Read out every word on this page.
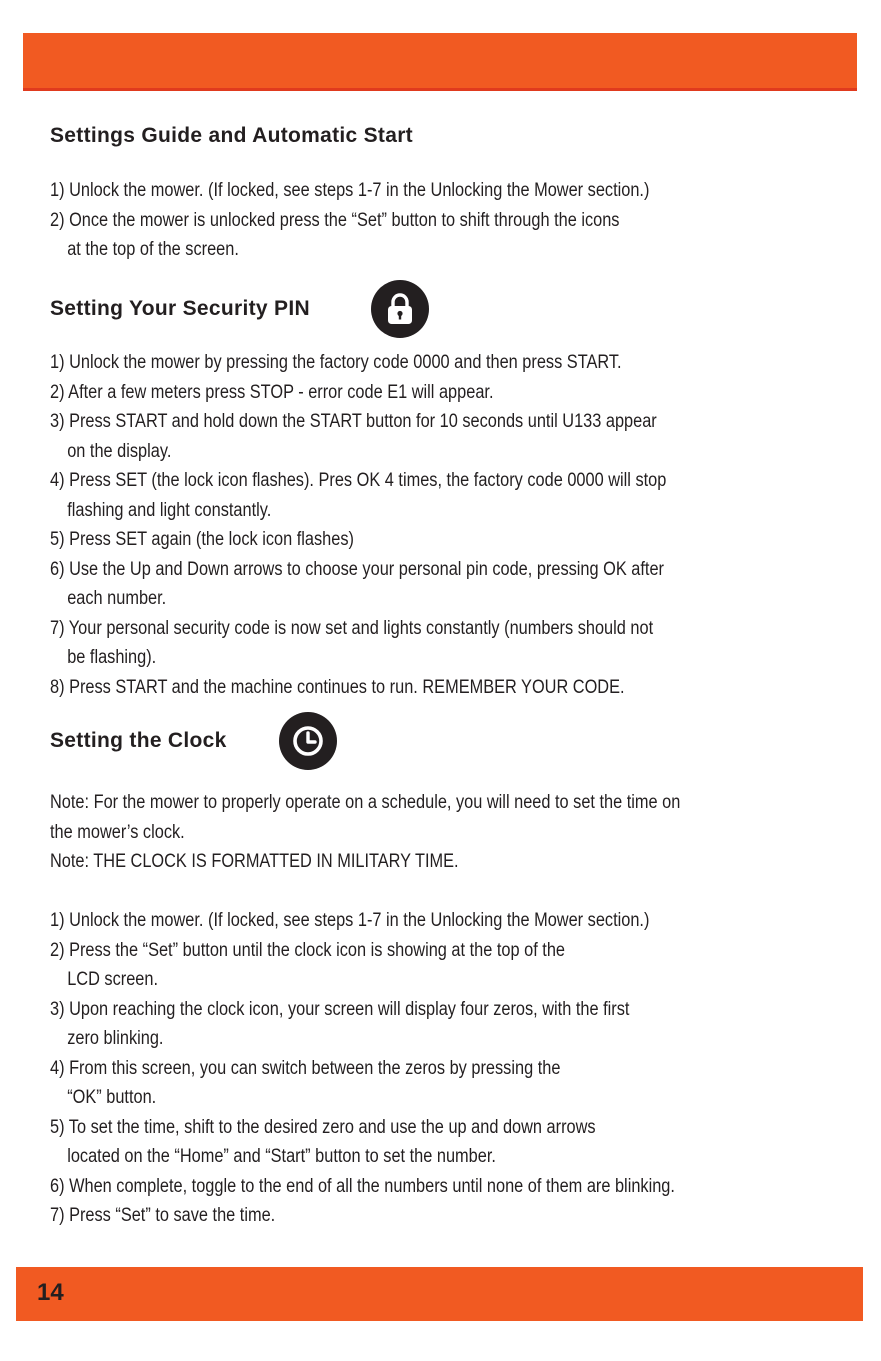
Settings Guide and Automatic Start
1) Unlock the mower. (If locked, see steps 1-7 in the Unlocking the Mower section.)
2) Once the mower is unlocked press the “Set” button to shift through the icons
at the top of the screen.
Setting Your Security PIN
1) Unlock the mower by pressing the factory code 0000 and then press START.
2) After a few meters press STOP - error code E1 will appear.
3) Press START and hold down the START button for 10 seconds until U133 appear
on the display.
4) Press SET (the lock icon flashes). Pres OK 4 times, the factory code 0000 will stop
flashing and light constantly.
5) Press SET again (the lock icon flashes)
6) Use the Up and Down arrows to choose your personal pin code, pressing OK after
each number.
7) Your personal security code is now set and lights constantly (numbers should not
be flashing).
8) Press START and the machine continues to run. REMEMBER YOUR CODE.
Setting the Clock
Note: For the mower to properly operate on a schedule, you will need to set the time on
the mower’s clock.
Note: THE CLOCK IS FORMATTED IN MILITARY TIME.
1) Unlock the mower. (If locked, see steps 1-7 in the Unlocking the Mower section.)
2) Press the “Set” button until the clock icon is showing at the top of the
LCD screen.
3) Upon reaching the clock icon, your screen will display four zeros, with the first
zero blinking.
4) From this screen, you can switch between the zeros by pressing the
“OK” button.
5) To set the time, shift to the desired zero and use the up and down arrows
located on the “Home” and “Start” button to set the number.
6) When complete, toggle to the end of all the numbers until none of them are blinking.
7) Press “Set” to save the time.
14
